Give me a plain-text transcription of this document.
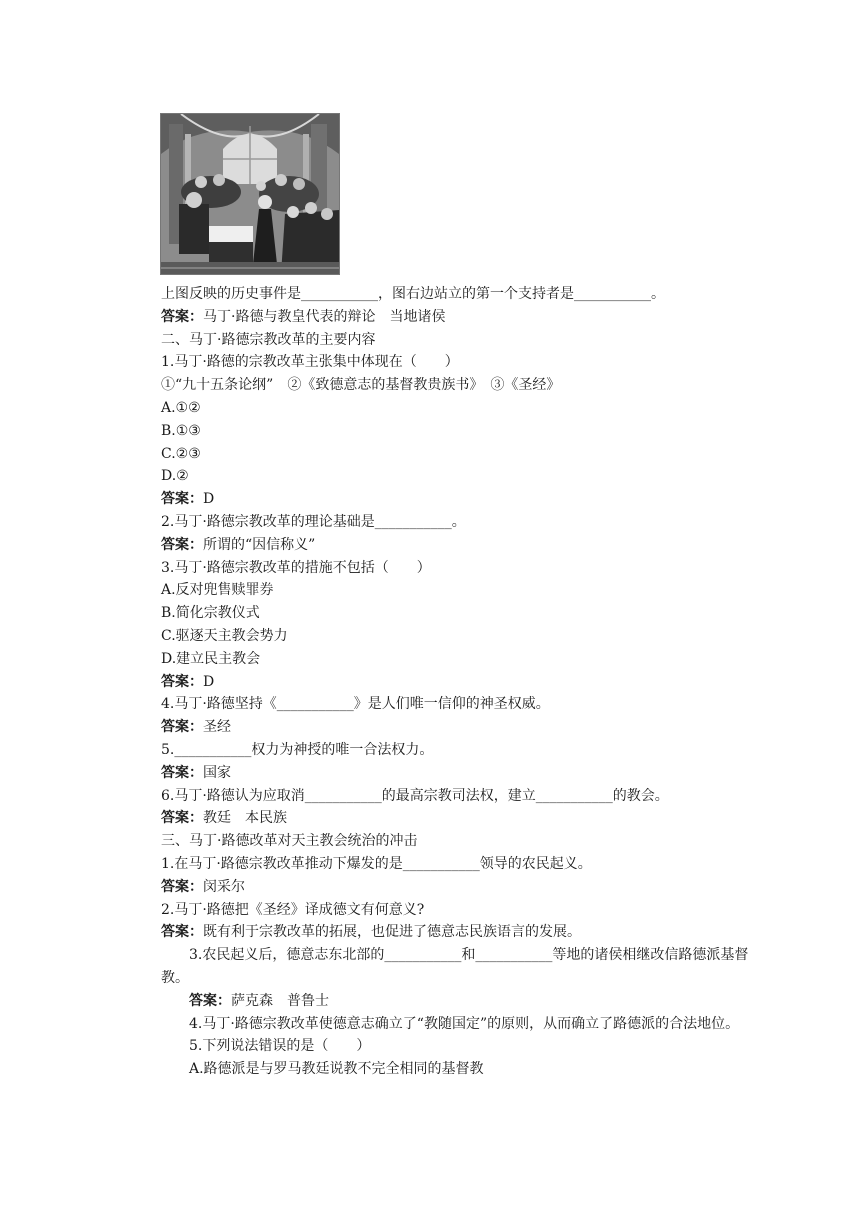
上图反映的历史事件是___________，图右边站立的第一个支持者是___________。
答案：马丁·路德与教皇代表的辩论　当地诸侯
二、马丁·路德宗教改革的主要内容
1.马丁·路德的宗教改革主张集中体现在（　　）
①“九十五条论纲”　②《致德意志的基督教贵族书》　③《圣经》
A.①②
B.①③
C.②③
D.②
答案：D
2.马丁·路德宗教改革的理论基础是___________。
答案：所谓的“因信称义”
3.马丁·路德宗教改革的措施不包括（　　）
A.反对兜售赎罪券
B.简化宗教仪式
C.驱逐天主教会势力
D.建立民主教会
答案：D
4.马丁·路德坚持《___________》是人们唯一信仰的神圣权威。
答案：圣经
5.___________权力为神授的唯一合法权力。
答案：国家
6.马丁·路德认为应取消___________的最高宗教司法权，建立___________的教会。
答案：教廷　本民族
三、马丁·路德改革对天主教会统治的冲击
1.在马丁·路德宗教改革推动下爆发的是___________领导的农民起义。
答案：闵采尔
2.马丁·路德把《圣经》译成德文有何意义?
答案：既有利于宗教改革的拓展，也促进了德意志民族语言的发展。
3.农民起义后，德意志东北部的___________和___________等地的诸侯相继改信路德派基督教。
答案：萨克森　普鲁士
4.马丁·路德宗教改革使德意志确立了“教随国定”的原则，从而确立了路德派的合法地位。
5.下列说法错误的是（　　）
A.路德派是与罗马教廷说教不完全相同的基督教
